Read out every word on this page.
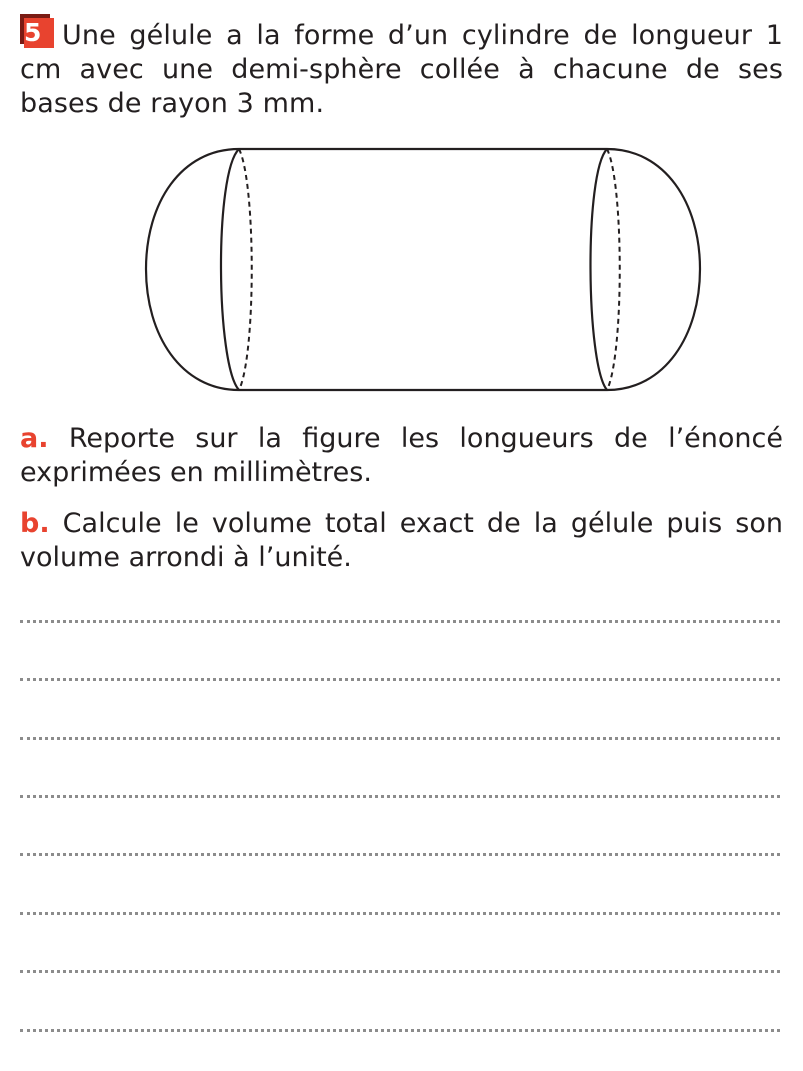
5 Une gélule a la forme d’un cylindre de longueur 1 cm avec une demi-sphère collée à chacune de ses bases de rayon 3 mm.

a. Reporte sur la figure les longueurs de l’énoncé exprimées en millimètres.

b. Calcule le volume total exact de la gélule puis son volume arrondi à l’unité.
